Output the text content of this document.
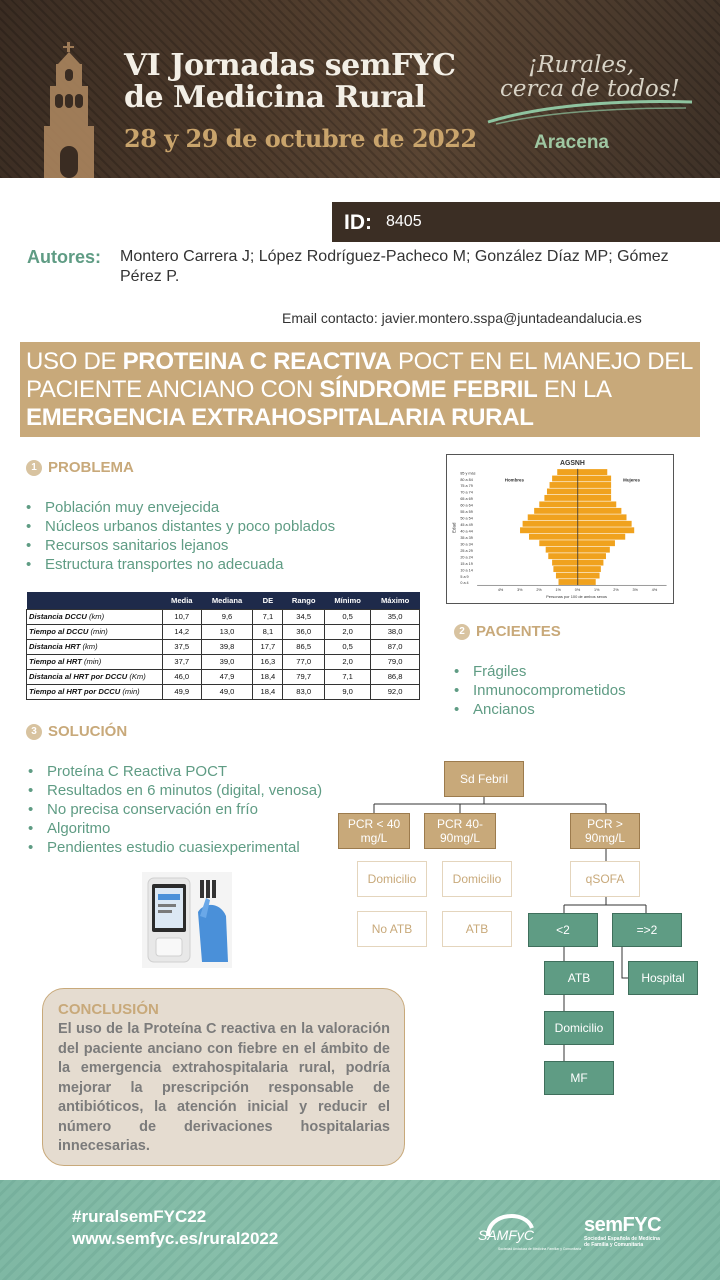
VI Jornadas semFYC
de Medicina Rural
28 y 29 de octubre de 2022
¡Rurales,
cerca de todos!
Aracena
ID: 8405
Autores: Montero Carrera J; López Rodríguez-Pacheco M; González Díaz MP; Gómez Pérez P.
Email contacto: javier.montero.sspa@juntadeandalucia.es
USO DE PROTEINA C REACTIVA POCT EN EL MANEJO DEL PACIENTE ANCIANO CON SÍNDROME FEBRIL EN LA EMERGENCIA EXTRAHOSPITALARIA RURAL
1 PROBLEMA
• Población muy envejecida
• Núcleos urbanos distantes y poco poblados
• Recursos sanitarios lejanos
• Estructura transportes no adecuada
AGSNH
Hombres	Mujeres
Edad
85 y más
80 a 84
75 a 79
70 a 74
65 a 69
60 a 64
55 a 59
50 a 54
45 a 49
40 a 44
35 a 39
30 a 34
25 a 29
20 a 24
15 a 19
10 a 14
5 a 9
0 a 4
4%	3%	2%	1%	0%	1%	2%	3%	4%
Personas por 100 de ambos sexos
	Media	Mediana	DE	Rango	Mínimo	Máximo
Distancia DCCU (km)	10,7	9,6	7,1	34,5	0,5	35,0
Tiempo al DCCU (min)	14,2	13,0	8,1	36,0	2,0	38,0
Distancia HRT (km)	37,5	39,8	17,7	86,5	0,5	87,0
Tiempo al HRT (min)	37,7	39,0	16,3	77,0	2,0	79,0
Distancia al HRT por DCCU (Km)	46,0	47,9	18,4	79,7	7,1	86,8
Tiempo al HRT por DCCU (min)	49,9	49,0	18,4	83,0	9,0	92,0
2 PACIENTES
• Frágiles
• Inmunocomprometidos
• Ancianos
3 SOLUCIÓN
• Proteína C Reactiva POCT
• Resultados en 6 minutos (digital, venosa)
• No precisa conservación en frío
• Algoritmo
• Pendientes estudio cuasiexperimental
CONCLUSIÓN
El uso de la Proteína C reactiva en la valoración del paciente anciano con fiebre en el ámbito de la emergencia extrahospitalaria rural, podría mejorar la prescripción responsable de antibióticos, la atención inicial y reducir el número de derivaciones hospitalarias innecesarias.
Sd Febril
PCR < 40 mg/L
PCR 40-90mg/L
PCR > 90mg/L
Domicilio	Domicilio	qSOFA
No ATB	ATB	<2	=>2
ATB	Hospital
Domicilio
MF
#ruralsemFYC22
www.semfyc.es/rural2022	SAMFyC
Sociedad Andaluza de Medicina Familiar y Comunitaria
semFYC
Sociedad Española de Medicina de Familia y Comunitaria
